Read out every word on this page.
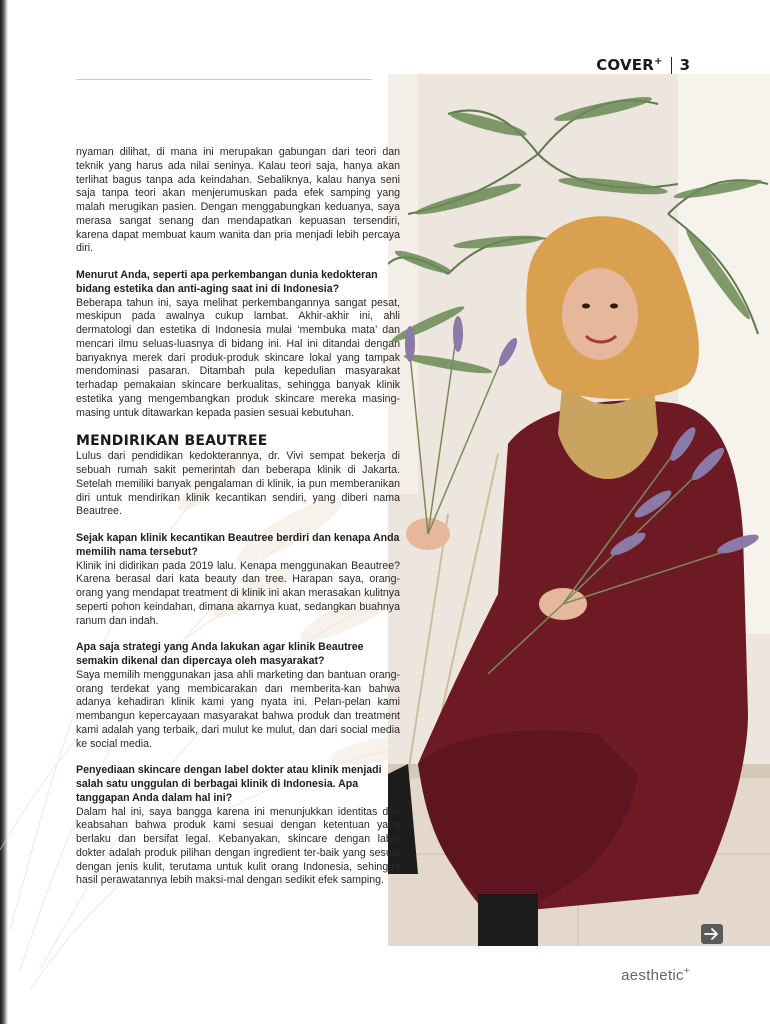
COVER+ 3

nyaman dilihat, di mana ini merupakan gabungan dari teori dan teknik yang harus ada nilai seninya. Kalau teori saja, hanya akan terlihat bagus tanpa ada keindahan. Sebaliknya, kalau hanya seni saja tanpa teori akan menjerumuskan pada efek samping yang malah merugikan pasien. Dengan menggabungkan keduanya, saya merasa sangat senang dan mendapatkan kepuasan tersendiri, karena dapat membuat kaum wanita dan pria menjadi lebih percaya diri.

Menurut Anda, seperti apa perkembangan dunia kedokteran bidang estetika dan anti-aging saat ini di Indonesia?

Beberapa tahun ini, saya melihat perkembangannya sangat pesat, meskipun pada awalnya cukup lambat. Akhir-akhir ini, ahli dermatologi dan estetika di Indonesia mulai ‘membuka mata’ dan mencari ilmu seluas-luasnya di bidang ini. Hal ini ditandai dengan banyaknya merek dari produk-produk skincare lokal yang tampak mendominasi pasaran. Ditambah pula kepedulian masyarakat terhadap pemakaian skincare berkualitas, sehingga banyak klinik estetika yang mengembangkan produk skincare mereka masing-masing untuk ditawarkan kepada pasien sesuai kebutuhan.

MENDIRIKAN BEAUTREE

Lulus dari pendidikan kedokterannya, dr. Vivi sempat bekerja di sebuah rumah sakit pemerintah dan beberapa klinik di Jakarta. Setelah memiliki banyak pengalaman di klinik, ia pun memberanikan diri untuk mendirikan klinik kecantikan sendiri, yang diberi nama Beautree.

Sejak kapan klinik kecantikan Beautree berdiri dan kenapa Anda memilih nama tersebut?

Klinik ini didirikan pada 2019 lalu. Kenapa menggunakan Beautree? Karena berasal dari kata beauty dan tree. Harapan saya, orang- orang yang mendapat treatment di klinik ini akan merasakan kulitnya seperti pohon keindahan, dimana akarnya kuat, sedangkan buahnya ranum dan indah.

Apa saja strategi yang Anda lakukan agar klinik Beautree semakin dikenal dan dipercaya oleh masyarakat?

Saya memilih menggunakan jasa ahli marketing dan bantuan orang-orang terdekat yang membicarakan dan memberita-kan bahwa adanya kehadiran klinik kami yang nyata ini. Pelan-pelan kami membangun kepercayaan masyarakat bahwa produk dan treatment kami adalah yang terbaik, dari mulut ke mulut, dan dari social media ke social media.

Penyediaan skincare dengan label dokter atau klinik menjadi salah satu unggulan di berbagai klinik di Indonesia. Apa tanggapan Anda dalam hal ini?

Dalam hal ini, saya bangga karena ini menunjukkan identitas dan keabsahan bahwa produk kami sesuai dengan ketentuan yang berlaku dan bersifat legal. Kebanyakan, skincare dengan label dokter adalah produk pilihan dengan ingredient ter-baik yang sesuai dengan jenis kulit, terutama untuk kulit orang Indonesia, sehingga hasil perawatannya lebih maksi-mal dengan sedikit efek samping.

aesthetic+
